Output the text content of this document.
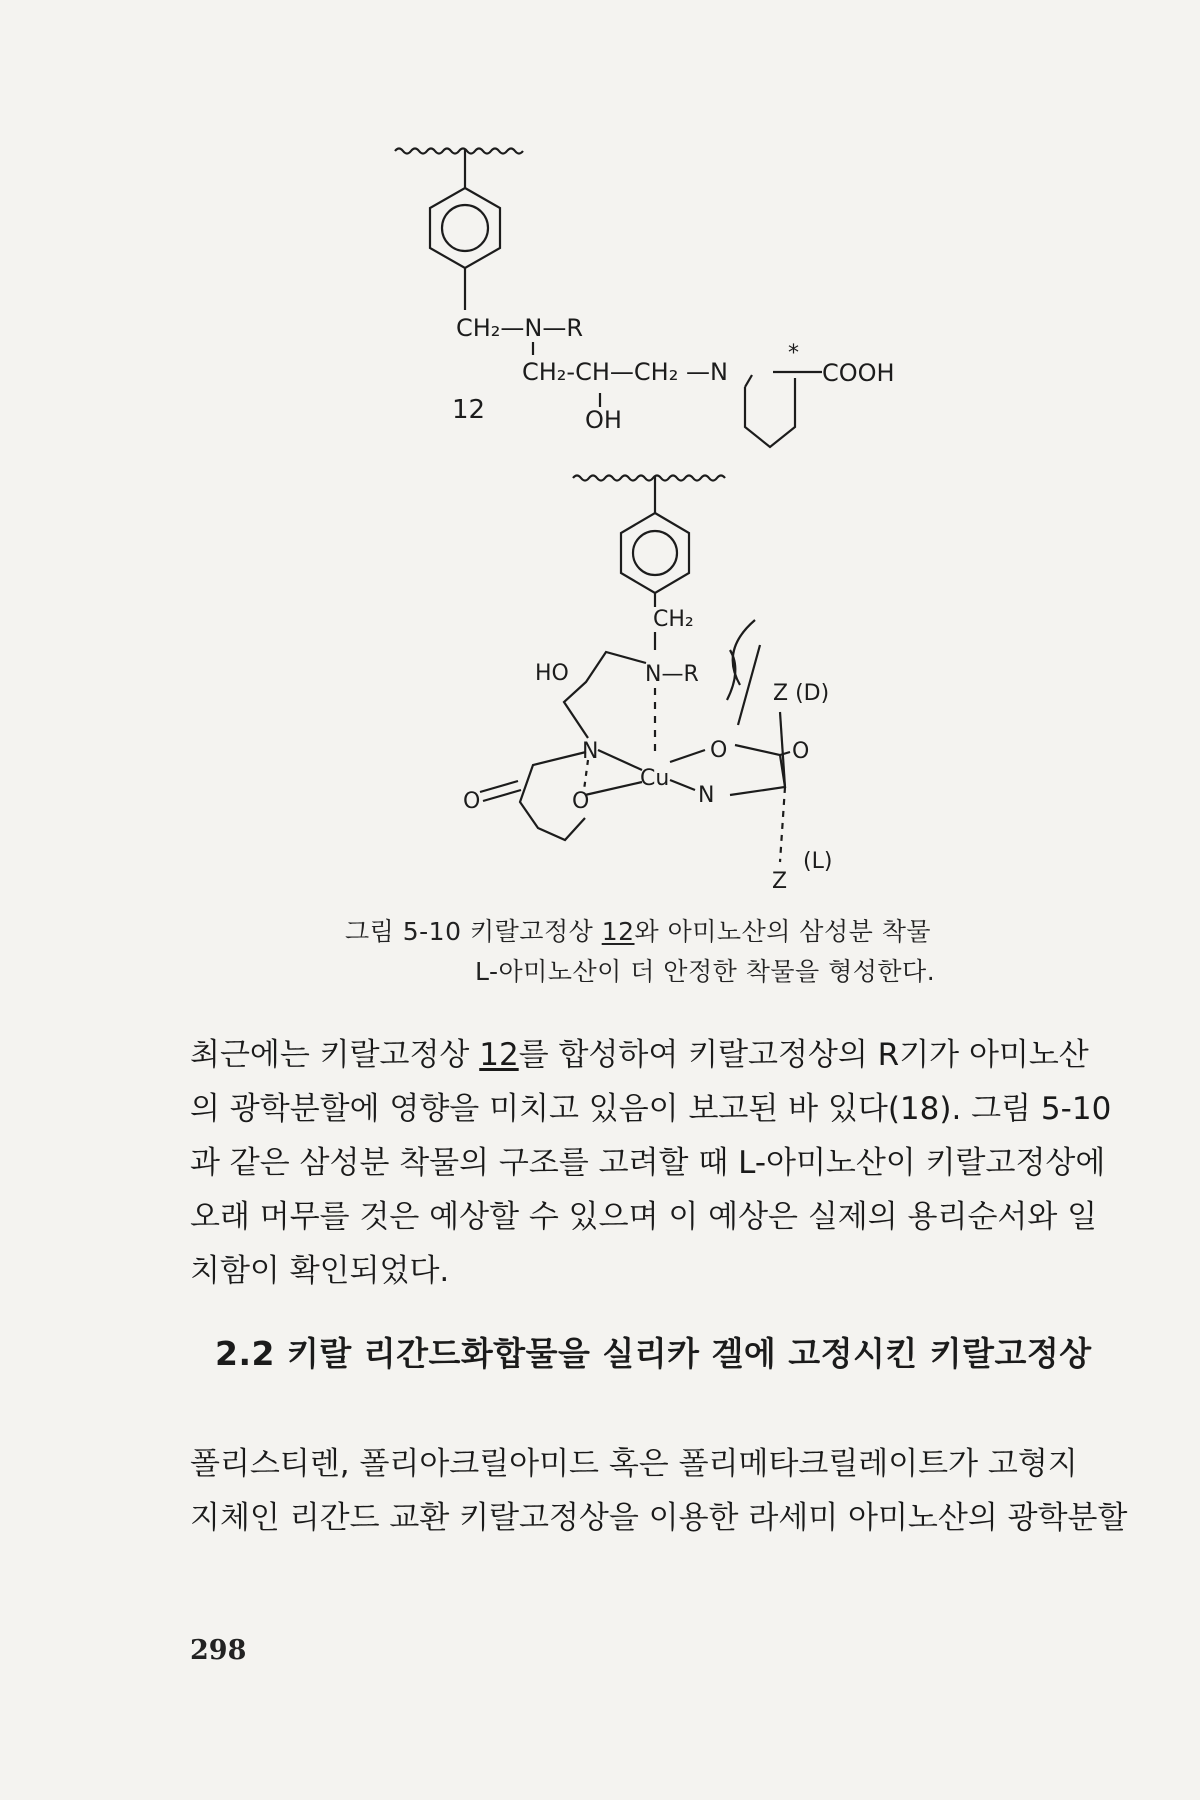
CH₂—N—R
CH₂-CH—CH₂ —N
*
COOH
OH
12
CH₂
HO	N—R
N
Cu
O
O
O
N
O
Z (D)
Z
(L)
그림 5-10 키랄고정상 12와 아미노산의 삼성분 착물
L-아미노산이 더 안정한 착물을 형성한다.
최근에는 키랄고정상 12를 합성하여 키랄고정상의 R기가 아미노산
의 광학분할에 영향을 미치고 있음이 보고된 바 있다(18). 그림 5-10
과 같은 삼성분 착물의 구조를 고려할 때 L-아미노산이 키랄고정상에
오래 머무를 것은 예상할 수 있으며 이 예상은 실제의 용리순서와 일
치함이 확인되었다.
2.2 키랄 리간드화합물을 실리카 겔에 고정시킨 키랄고정상
폴리스티렌, 폴리아크릴아미드 혹은 폴리메타크릴레이트가 고형지
지체인 리간드 교환 키랄고정상을 이용한 라세미 아미노산의 광학분할
298
